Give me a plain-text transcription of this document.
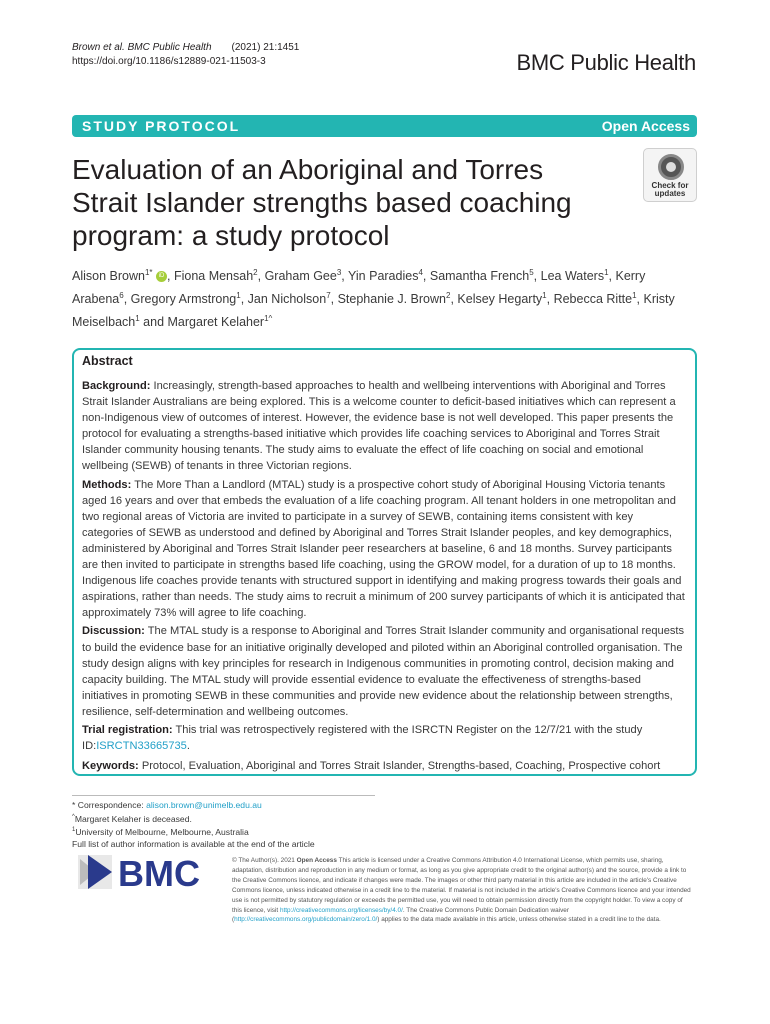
Brown et al. BMC Public Health (2021) 21:1451
https://doi.org/10.1186/s12889-021-11503-3	BMC Public Health
STUDY PROTOCOL	Open Access
Evaluation of an Aboriginal and Torres Strait Islander strengths based coaching program: a study protocol
Check for
updates
Alison Brown$^{1*}$ iD , Fiona Mensah$^2$, Graham Gee$^3$, Yin Paradies$^4$, Samantha French$^5$, Lea Waters$^1$, Kerry Arabena$^6$, Gregory Armstrong$^1$, Jan Nicholson$^7$, Stephanie J. Brown$^2$, Kelsey Hegarty$^1$, Rebecca Ritte$^1$, Kristy Meiselbach$^1$ and Margaret Kelaher$^{1\^{}}$
Abstract

Background: Increasingly, strength-based approaches to health and wellbeing interventions with Aboriginal and Torres Strait Islander Australians are being explored. This is a welcome counter to deficit-based initiatives which can represent a non-Indigenous view of outcomes of interest. However, the evidence base is not well developed. This paper presents the protocol for evaluating a strengths-based initiative which provides life coaching services to Aboriginal and Torres Strait Islander community housing tenants. The study aims to evaluate the effect of life coaching on social and emotional wellbeing (SEWB) of tenants in three Victorian regions.

Methods: The More Than a Landlord (MTAL) study is a prospective cohort study of Aboriginal Housing Victoria tenants aged 16 years and over that embeds the evaluation of a life coaching program. All tenant holders in one metropolitan and two regional areas of Victoria are invited to participate in a survey of SEWB, containing items consistent with key categories of SEWB as understood and defined by Aboriginal and Torres Strait Islander peoples, and key demographics, administered by Aboriginal and Torres Strait Islander peer researchers at baseline, 6 and 18 months. Survey participants are then invited to participate in strengths based life coaching, using the GROW model, for a duration of up to 18 months. Indigenous life coaches provide tenants with structured support in identifying and making progress towards their goals and aspirations, rather than needs. The study aims to recruit a minimum of 200 survey participants of which it is anticipated that approximately 73% will agree to life coaching.

Discussion: The MTAL study is a response to Aboriginal and Torres Strait Islander community and organisational requests to build the evidence base for an initiative originally developed and piloted within an Aboriginal controlled organisation. The study design aligns with key principles for research in Indigenous communities in promoting control, decision making and capacity building. The MTAL study will provide essential evidence to evaluate the effectiveness of strengths-based initiatives in promoting SEWB in these communities and provide new evidence about the relationship between strengths, resilience, self-determination and wellbeing outcomes.

Trial registration: This trial was retrospectively registered with the ISRCTN Register on the 12/7/21 with the study ID:ISRCTN33665735.

Keywords: Protocol, Evaluation, Aboriginal and Torres Strait Islander, Strengths-based, Coaching, Prospective cohort

* Correspondence: alison.brown@unimelb.edu.au
^Margaret Kelaher is deceased.
$^1$University of Melbourne, Melbourne, Australia
Full list of author information is available at the end of the article
BMC	© The Author(s). 2021 Open Access This article is licensed under a Creative Commons Attribution 4.0 International License, which permits use, sharing, adaptation, distribution and reproduction in any medium or format, as long as you give appropriate credit to the original author(s) and the source, provide a link to the Creative Commons licence, and indicate if changes were made. The images or other third party material in this article are included in the article's Creative Commons licence, unless indicated otherwise in a credit line to the material. If material is not included in the article's Creative Commons licence and your intended use is not permitted by statutory regulation or exceeds the permitted use, you will need to obtain permission directly from the copyright holder. To view a copy of this licence, visit http://creativecommons.org/licenses/by/4.0/. The Creative Commons Public Domain Dedication waiver (http://creativecommons.org/publicdomain/zero/1.0/) applies to the data made available in this article, unless otherwise stated in a credit line to the data.
